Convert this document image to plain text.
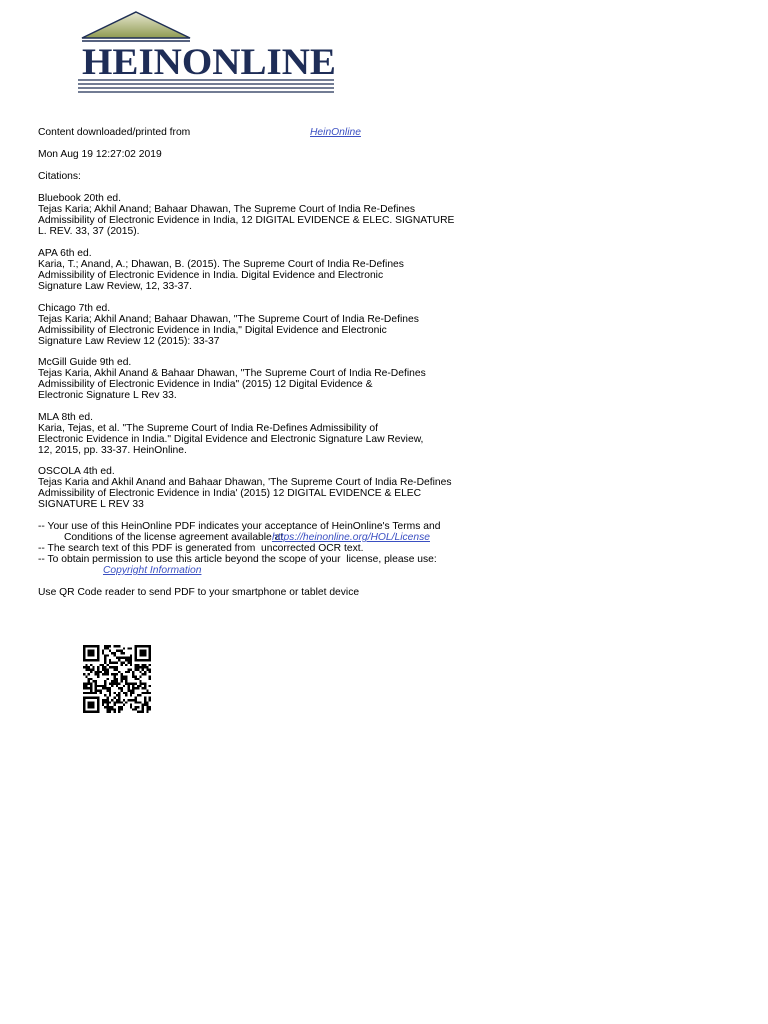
HEINONLINE
Content downloaded/printed from	HeinOnline
Mon Aug 19 12:27:02 2019
Citations:
Bluebook 20th ed.
Tejas Karia; Akhil Anand; Bahaar Dhawan, The Supreme Court of India Re-Defines
Admissibility of Electronic Evidence in India, 12 DIGITAL EVIDENCE & ELEC. SIGNATURE
L. REV. 33, 37 (2015).
APA 6th ed.
Karia, T.; Anand, A.; Dhawan, B. (2015). The Supreme Court of India Re-Defines
Admissibility of Electronic Evidence in India. Digital Evidence and Electronic
Signature Law Review, 12, 33-37.
Chicago 7th ed.
Tejas Karia; Akhil Anand; Bahaar Dhawan, "The Supreme Court of India Re-Defines
Admissibility of Electronic Evidence in India," Digital Evidence and Electronic
Signature Law Review 12 (2015): 33-37
McGill Guide 9th ed.
Tejas Karia, Akhil Anand & Bahaar Dhawan, "The Supreme Court of India Re-Defines
Admissibility of Electronic Evidence in India" (2015) 12 Digital Evidence &
Electronic Signature L Rev 33.
MLA 8th ed.
Karia, Tejas, et al. "The Supreme Court of India Re-Defines Admissibility of
Electronic Evidence in India." Digital Evidence and Electronic Signature Law Review,
12, 2015, pp. 33-37. HeinOnline.
OSCOLA 4th ed.
Tejas Karia and Akhil Anand and Bahaar Dhawan, 'The Supreme Court of India Re-Defines
Admissibility of Electronic Evidence in India' (2015) 12 DIGITAL EVIDENCE & ELEC
SIGNATURE L REV 33
-- Your use of this HeinOnline PDF indicates your acceptance of HeinOnline's Terms and
Conditions of the license agreement available at
https://heinonline.org/HOL/License
-- The search text of this PDF is generated from  uncorrected OCR text.
-- To obtain permission to use this article beyond the scope of your  license, please use:
Copyright Information
Use QR Code reader to send PDF to your smartphone or tablet device
